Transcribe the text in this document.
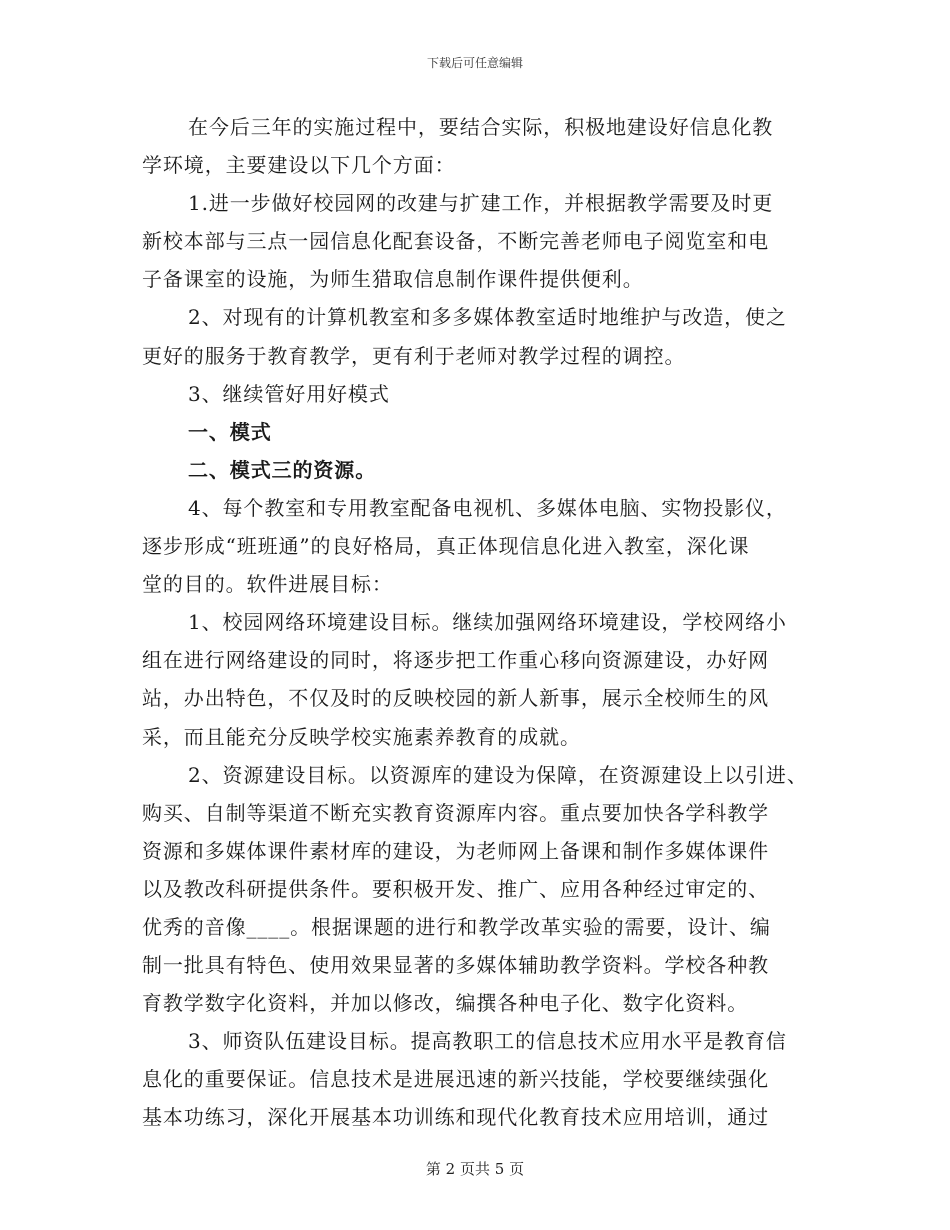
下载后可任意编辑
在今后三年的实施过程中，要结合实际，积极地建设好信息化教
学环境，主要建设以下几个方面：
1.进一步做好校园网的改建与扩建工作，并根据教学需要及时更
新校本部与三点一园信息化配套设备，不断完善老师电子阅览室和电
子备课室的设施，为师生猎取信息制作课件提供便利。
2、对现有的计算机教室和多多媒体教室适时地维护与改造，使之
更好的服务于教育教学，更有利于老师对教学过程的调控。
3、继续管好用好模式
一、模式
二、模式三的资源。
4、每个教室和专用教室配备电视机、多媒体电脑、实物投影仪，
逐步形成“班班通”的良好格局，真正体现信息化进入教室，深化课
堂的目的。软件进展目标：
1、校园网络环境建设目标。继续加强网络环境建设，学校网络小
组在进行网络建设的同时，将逐步把工作重心移向资源建设，办好网
站，办出特色，不仅及时的反映校园的新人新事，展示全校师生的风
采，而且能充分反映学校实施素养教育的成就。
2、资源建设目标。以资源库的建设为保障，在资源建设上以引进、
购买、自制等渠道不断充实教育资源库内容。重点要加快各学科教学
资源和多媒体课件素材库的建设，为老师网上备课和制作多媒体课件
以及教改科研提供条件。要积极开发、推广、应用各种经过审定的、
优秀的音像____。根据课题的进行和教学改革实验的需要，设计、编
制一批具有特色、使用效果显著的多媒体辅助教学资料。学校各种教
育教学数字化资料，并加以修改，编撰各种电子化、数字化资料。
3、师资队伍建设目标。提高教职工的信息技术应用水平是教育信
息化的重要保证。信息技术是进展迅速的新兴技能，学校要继续强化
基本功练习，深化开展基本功训练和现代化教育技术应用培训，通过
第 2 页共 5 页
